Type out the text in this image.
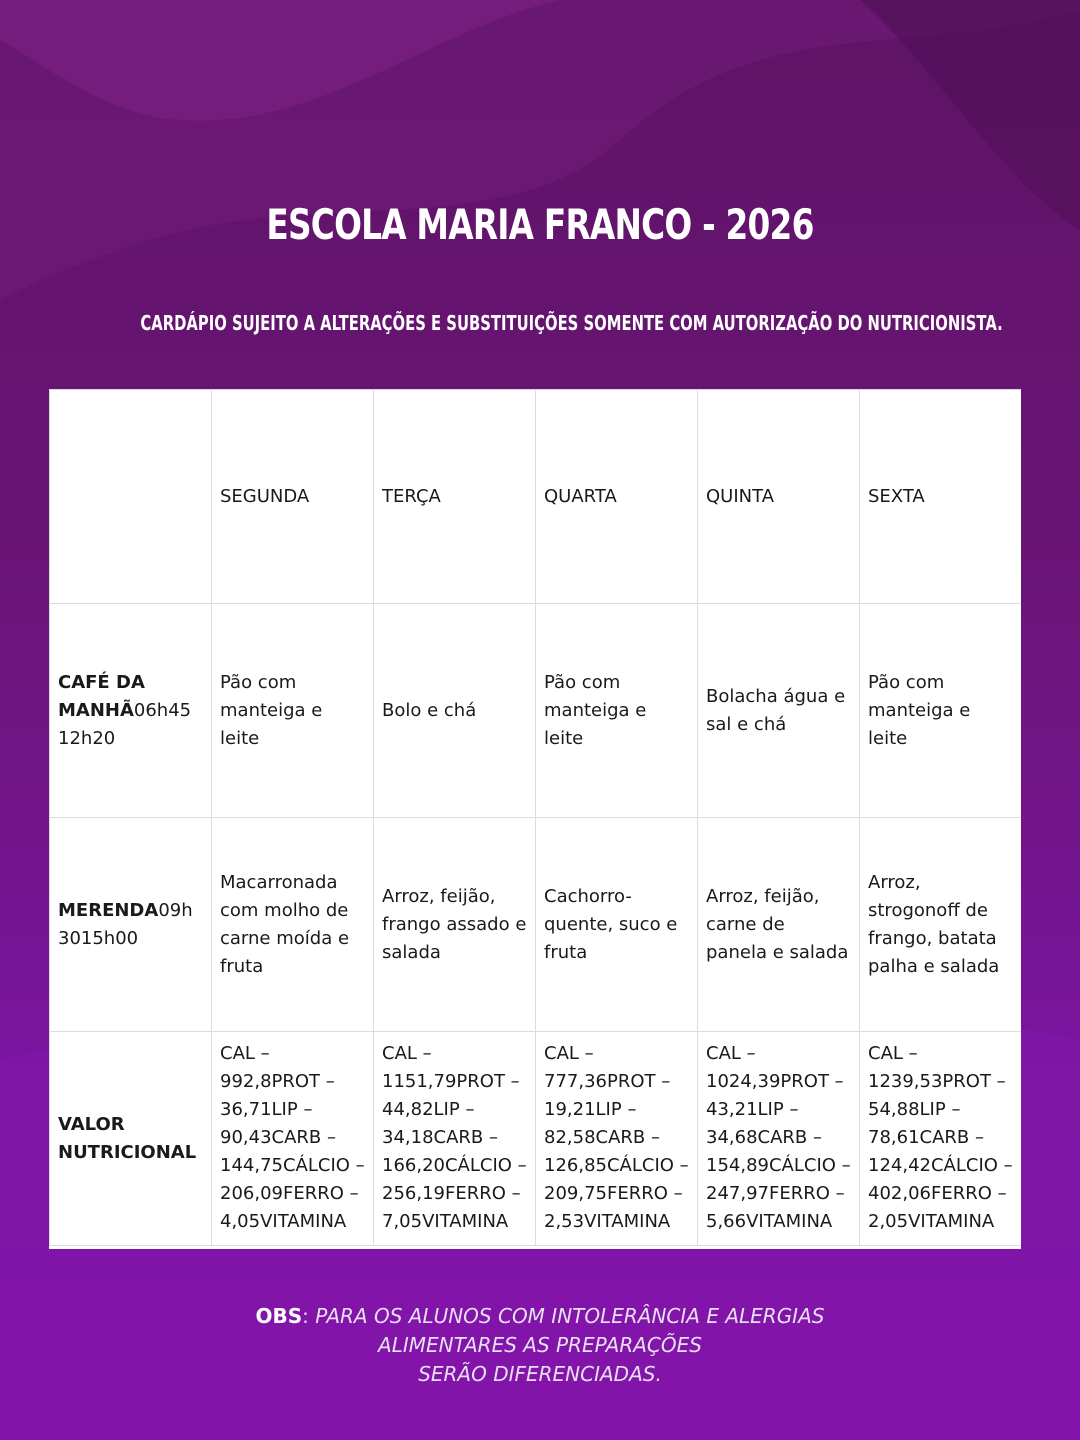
ESCOLA MARIA FRANCO - 2026
CARDÁPIO SUJEITO A ALTERAÇÕES E SUBSTITUIÇÕES SOMENTE COM AUTORIZAÇÃO DO NUTRICIONISTA.
	SEGUNDA	TERÇA	QUARTA	QUINTA	SEXTA
CAFÉ DA MANHÃ06h45 12h20	Pão com manteiga e leite	Bolo e chá	Pão com manteiga e leite	Bolacha água e sal e chá	Pão com manteiga e leite
MERENDA09h3015h00	Macarronada com molho de carne moída e fruta	Arroz, feijão, frango assado e salada	Cachorro-quente, suco e fruta	Arroz, feijão, carne de panela e salada	Arroz, strogonoff de frango, batata palha e salada
VALOR NUTRICIONAL	CAL – 992,8PROT – 36,71LIP – 90,43CARB – 144,75CÁLCIO – 206,09FERRO – 4,05VITAMINA	CAL – 1151,79PROT – 44,82LIP – 34,18CARB – 166,20CÁLCIO – 256,19FERRO – 7,05VITAMINA	CAL – 777,36PROT – 19,21LIP – 82,58CARB – 126,85CÁLCIO – 209,75FERRO – 2,53VITAMINA	CAL – 1024,39PROT – 43,21LIP – 34,68CARB – 154,89CÁLCIO – 247,97FERRO – 5,66VITAMINA	CAL – 1239,53PROT – 54,88LIP – 78,61CARB – 124,42CÁLCIO – 402,06FERRO – 2,05VITAMINA
OBS: PARA OS ALUNOS COM INTOLERÂNCIA E ALERGIAS
ALIMENTARES AS PREPARAÇÕES
SERÃO DIFERENCIADAS.
